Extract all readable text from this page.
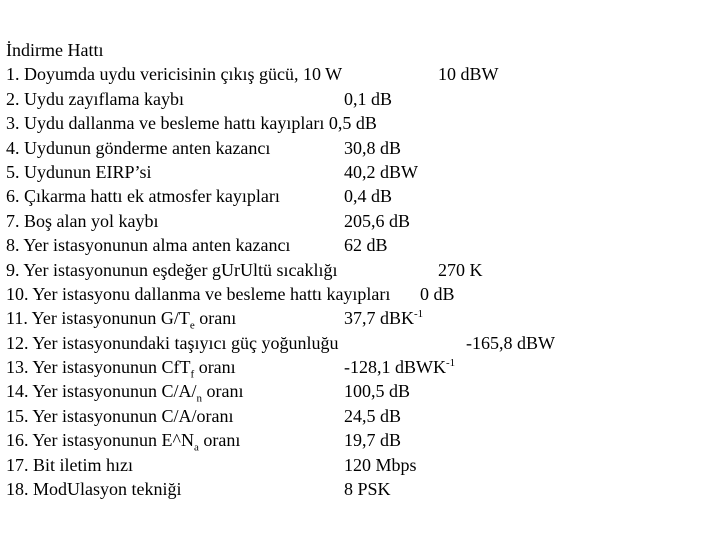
İndirme Hattı
1. Doyumda uydu vericisinin çıkış gücü, 10 W	10 dBW
2. Uydu zayıflama kaybı	0,1 dB
3. Uydu dallanma ve besleme hattı kayıpları 0,5 dB
4. Uydunun gönderme anten kazancı	30,8 dB
5. Uydunun EIRP’si	40,2 dBW
6. Çıkarma hattı ek atmosfer kayıpları	0,4 dB
7. Boş alan yol kaybı	205,6 dB
8. Yer istasyonunun alma anten kazancı	62 dB
9. Yer istasyonunun eşdeğer gUrUltü sıcaklığı	270 K
10. Yer istasyonu dallanma ve besleme hattı kayıpları 0 dB
11. Yer istasyonunun $G/T_e$ oranı	37,7 dBK$^{-1}$
12. Yer istasyonundaki taşıyıcı güç yoğunluğu	-165,8 dBW
13. Yer istasyonunun CfT$_f$ oranı	-128,1 dBWK$^{-1}$
14. Yer istasyonunun $C/A/_n$ oranı	100,5 dB
15. Yer istasyonunun C/A/oranı	24,5 dB
16. Yer istasyonunun $E\^{}N_a$ oranı	19,7 dB
17. Bit iletim hızı	120 Mbps
18. ModUlasyon tekniği	8 PSK
